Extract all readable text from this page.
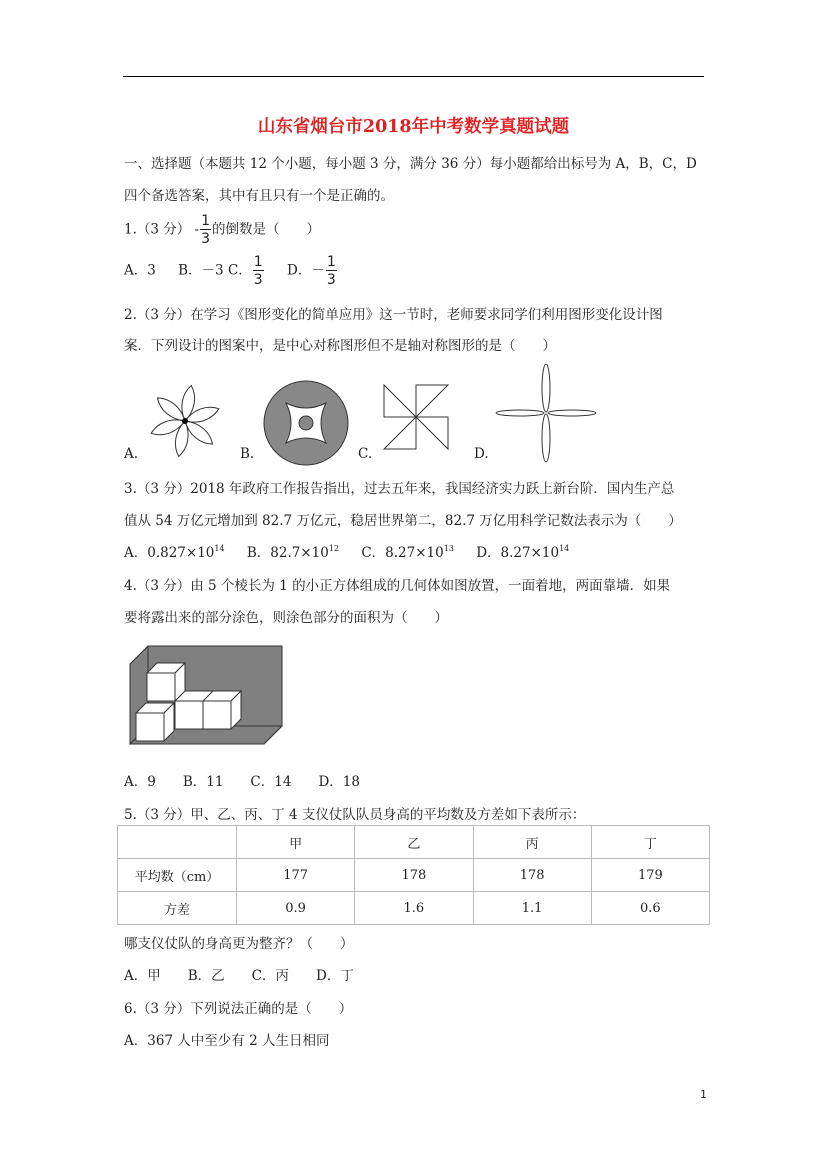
山东省烟台市2018年中考数学真题试题
一、选择题（本题共 12 个小题，每小题 3 分，满分 36 分）每小题都给出标号为 A，B，C，D
四个备选答案，其中有且只有一个是正确的。
1.（3 分） - $\frac{1}{3}$ 的倒数是（　　）
A．3 B．－3 C． $\frac{1}{3}$ D．－ $\frac{1}{3}$
2.（3 分）在学习《图形变化的简单应用》这一节时，老师要求同学们利用图形变化设计图
案．下列设计的图案中，是中心对称图形但不是轴对称图形的是（　　）
A.	B.	C.	D.
3.（3 分）2018 年政府工作报告指出，过去五年来，我国经济实力跃上新台阶．国内生产总
值从 54 万亿元增加到 82.7 万亿元，稳居世界第二，82.7 万亿用科学记数法表示为（　　）
A．$0.827\times 10^{14}$ B．$82.7\times 10^{12}$ C．$8.27\times 10^{13}$ D．$8.27\times 10^{14}$
4.（3 分）由 5 个棱长为 1 的小正方体组成的几何体如图放置，一面着地，两面靠墙．如果
要将露出来的部分涂色，则涂色部分的面积为（　　）
A．9　　B．11　　C．14　　D．18
5.（3 分）甲、乙、丙、丁 4 支仪仗队队员身高的平均数及方差如下表所示：
	甲	乙	丙	丁
平均数（cm）	177	178	178	179
方差	0.9	1.6	1.1	0.6
哪支仪仗队的身高更为整齐？（　　）
A．甲　　B．乙　　C．丙　　D．丁
6.（3 分）下列说法正确的是（　　）
A．367 人中至少有 2 人生日相同
1
